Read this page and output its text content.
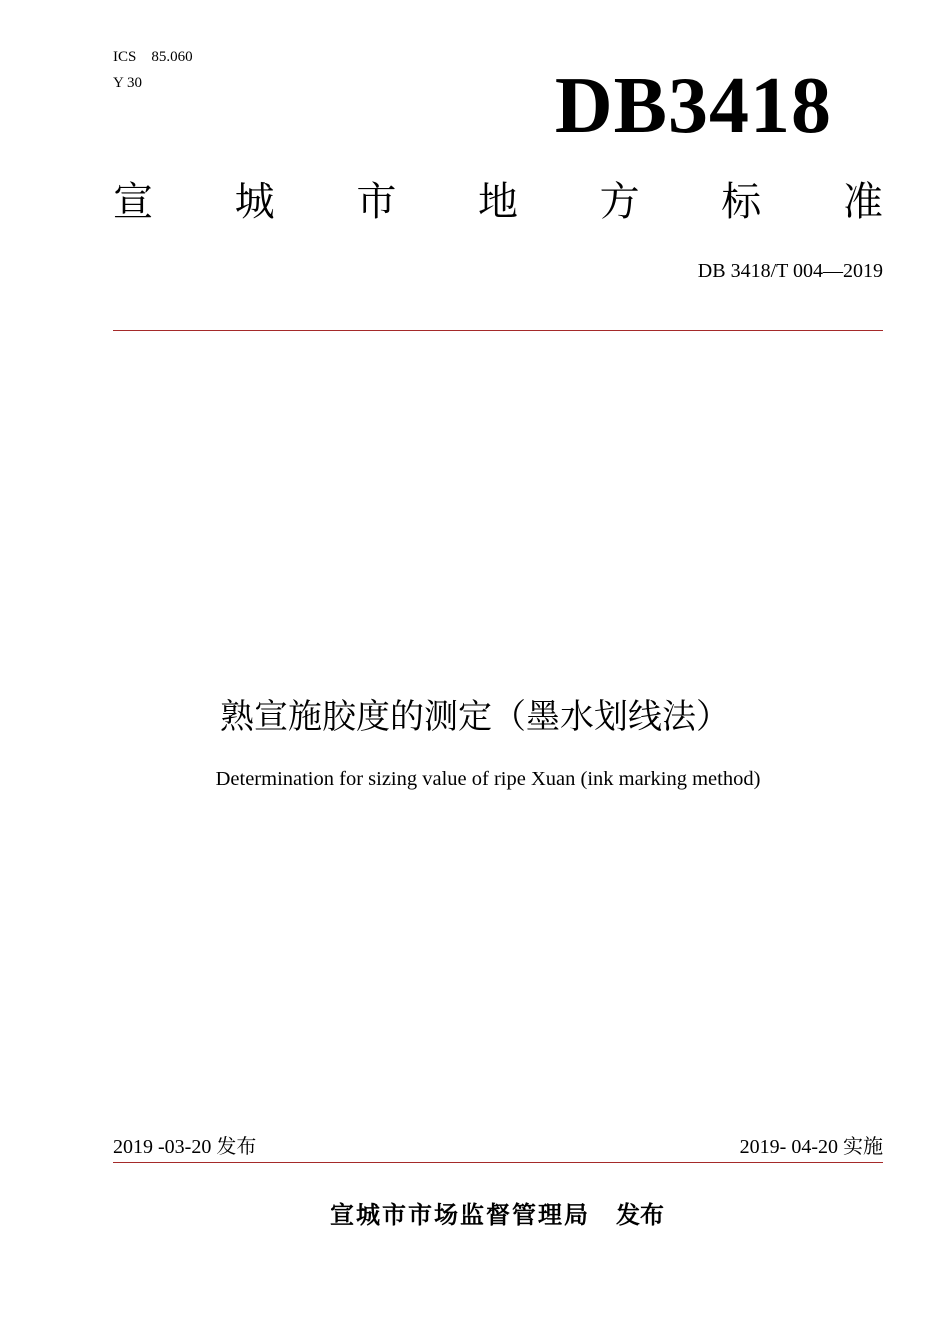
ICS 85.060
Y 30	DB3418
宣 城 市 地 方 标 准
DB 3418/T 004—2019
熟宣施胶度的测定（墨水划线法）
Determination for sizing value of ripe Xuan (ink marking method)
2019 -03-20 发布	2019- 04-20 实施
宣城市市场监督管理局 发布
